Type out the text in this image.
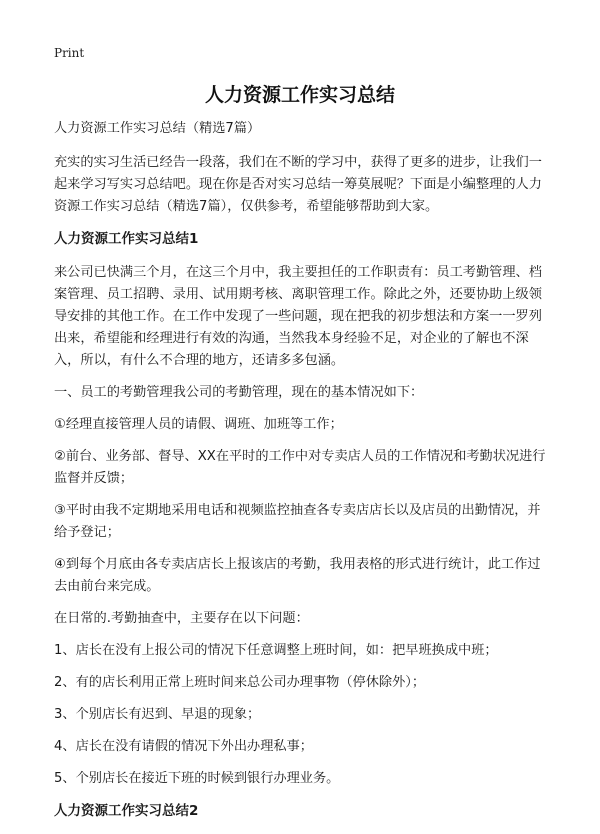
Print
人力资源工作实习总结

人力资源工作实习总结（精选7篇）

充实的实习生活已经告一段落，我们在不断的学习中，获得了更多的进步，让我们一起来学习写实习总结吧。现在你是否对实习总结一筹莫展呢？下面是小编整理的人力资源工作实习总结（精选7篇），仅供参考，希望能够帮助到大家。

人力资源工作实习总结1

来公司已快满三个月，在这三个月中，我主要担任的工作职责有：员工考勤管理、档案管理、员工招聘、录用、试用期考核、离职管理工作。除此之外，还要协助上级领导安排的其他工作。在工作中发现了一些问题，现在把我的初步想法和方案一一罗列出来，希望能和经理进行有效的沟通，当然我本身经验不足，对企业的了解也不深入，所以，有什么不合理的地方，还请多多包涵。

一、员工的考勤管理我公司的考勤管理，现在的基本情况如下：

①经理直接管理人员的请假、调班、加班等工作；

②前台、业务部、督导、XX在平时的工作中对专卖店人员的工作情况和考勤状况进行监督并反馈；

③平时由我不定期地采用电话和视频监控抽查各专卖店店长以及店员的出勤情况，并给予登记；

④到每个月底由各专卖店店长上报该店的考勤，我用表格的形式进行统计，此工作过去由前台来完成。

在日常的.考勤抽查中，主要存在以下问题：

1、店长在没有上报公司的情况下任意调整上班时间，如：把早班换成中班；

2、有的店长利用正常上班时间来总公司办理事物（停休除外）；

3、个别店长有迟到、早退的现象；

4、店长在没有请假的情况下外出办理私事；

5、个别店长在接近下班的时候到银行办理业务。

人力资源工作实习总结2
